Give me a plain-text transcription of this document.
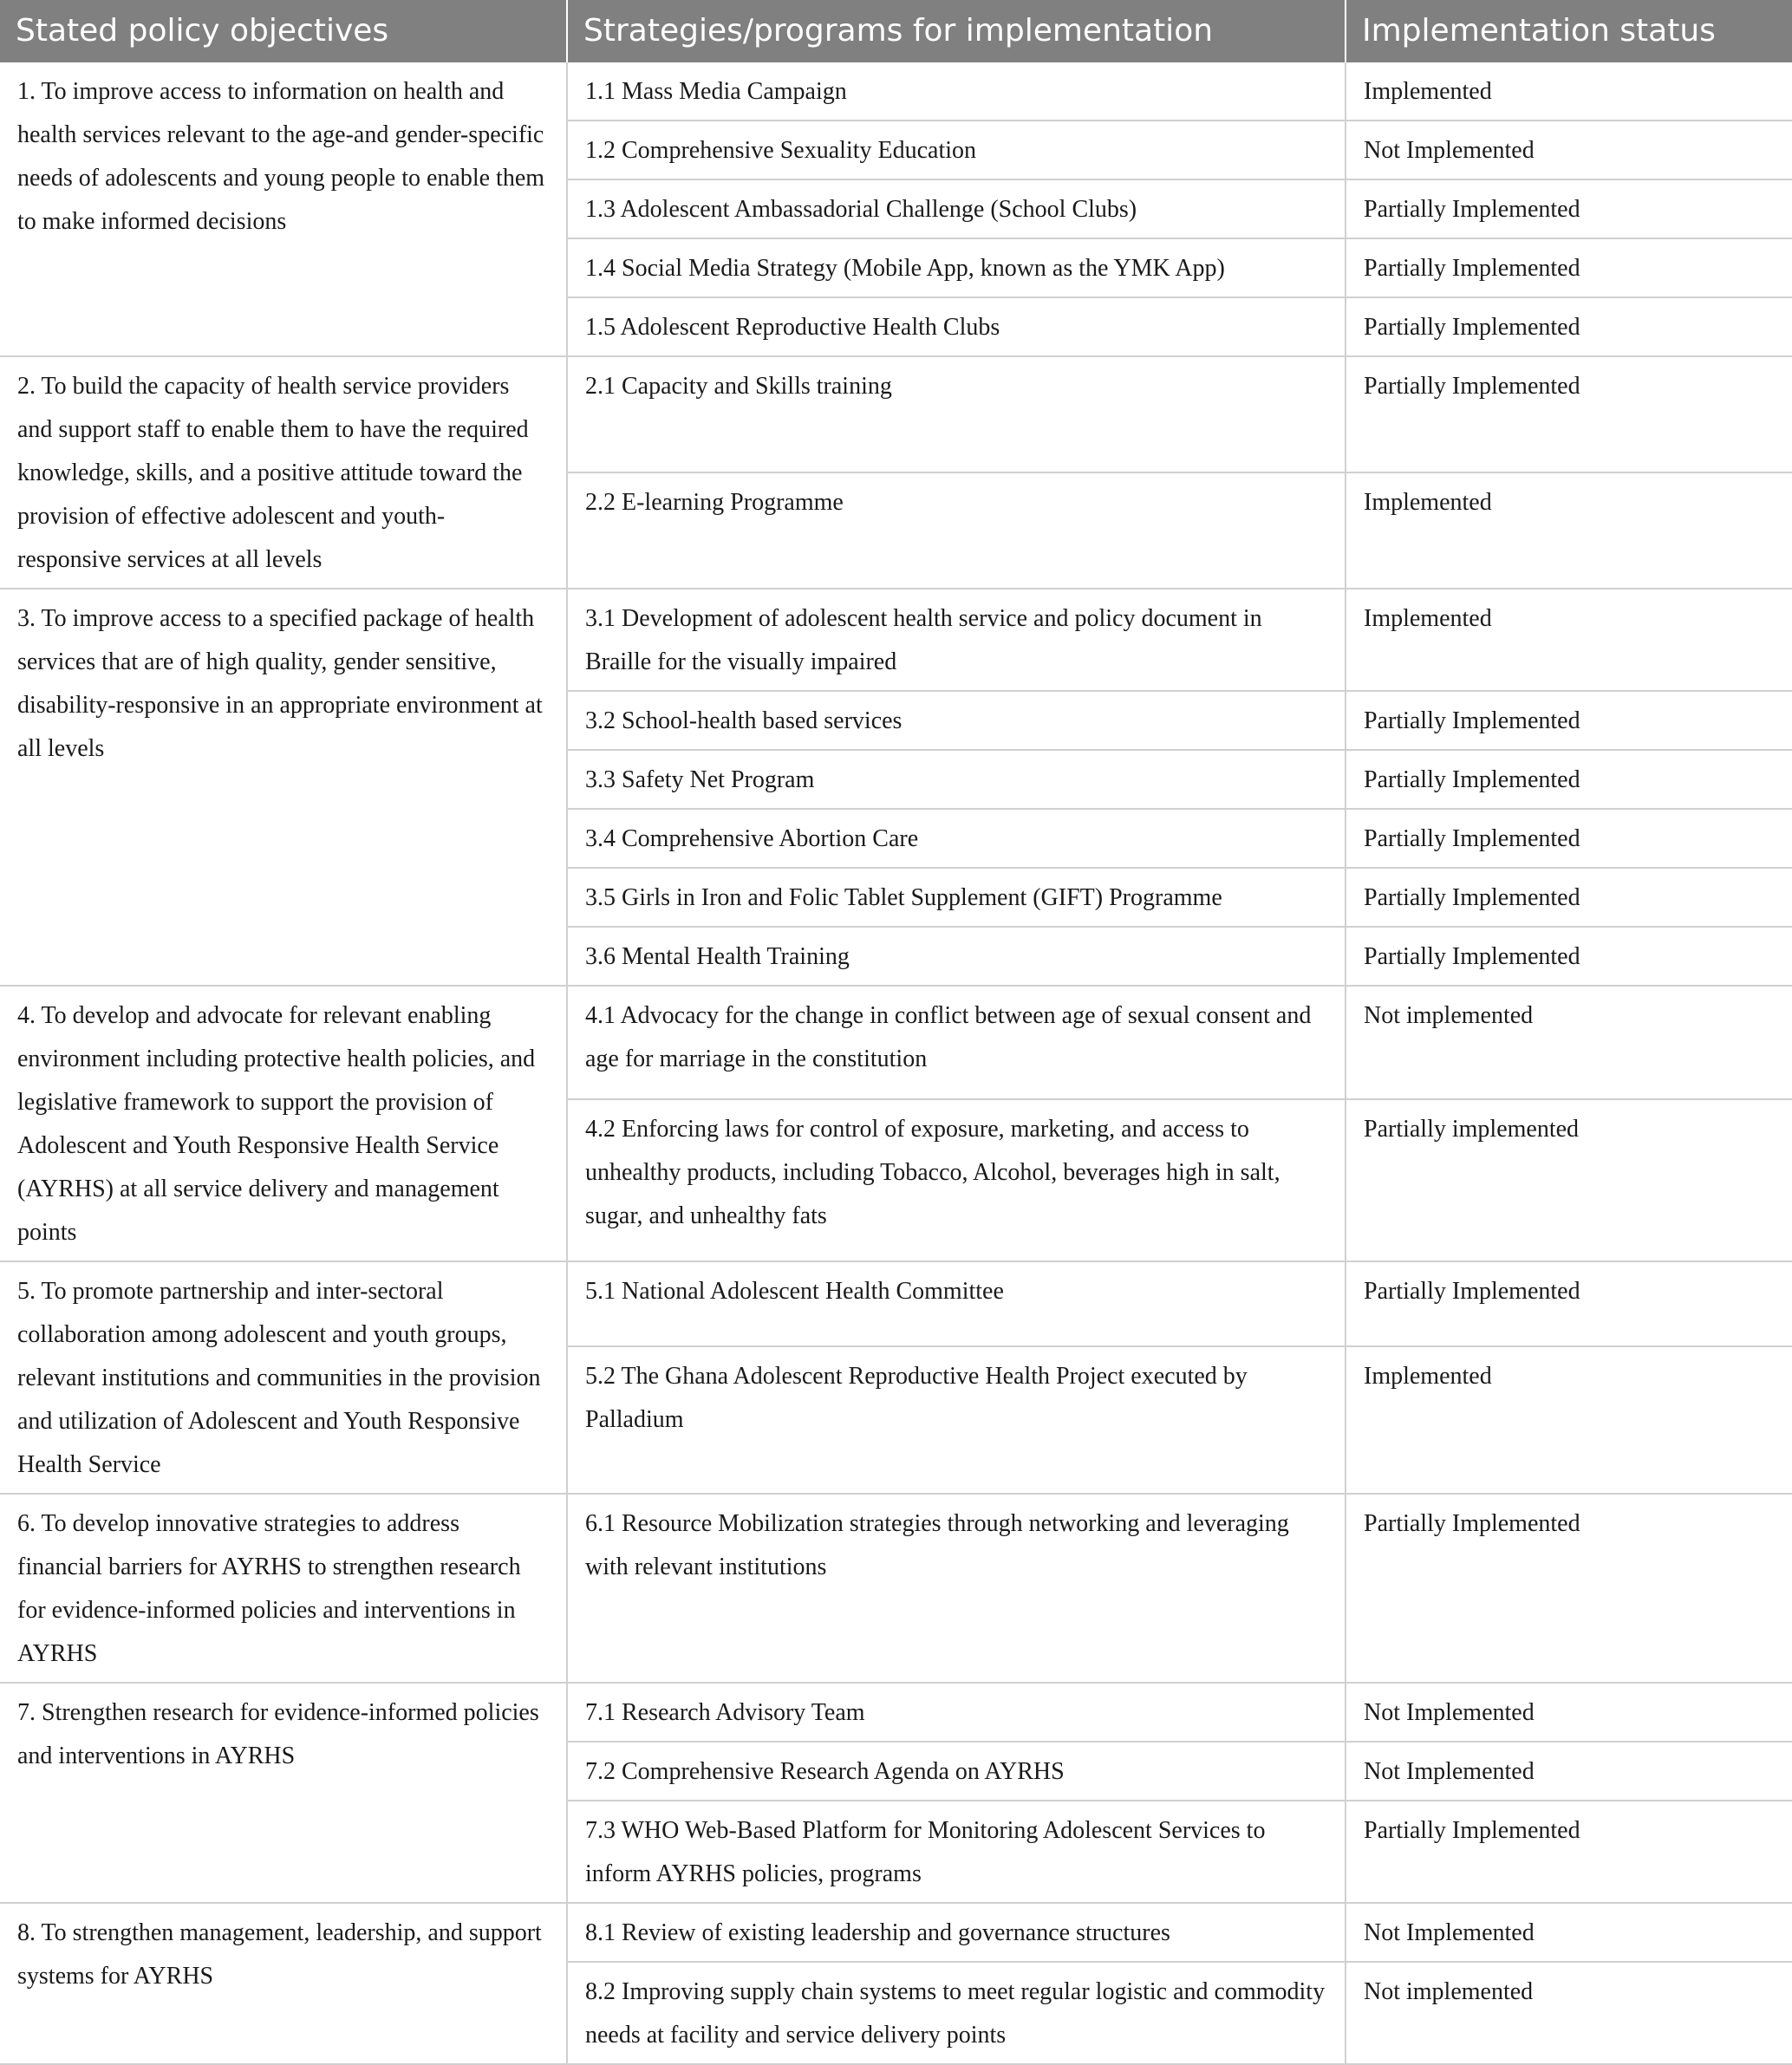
Stated policy objectives	Strategies/programs for implementation	Implementation status
1. To improve access to information on health and health services relevant to the age-and gender-specific needs of adolescents and young people to enable them to make informed decisions	1.1 Mass Media Campaign	Implemented
	1.2 Comprehensive Sexuality Education	Not Implemented
	1.3 Adolescent Ambassadorial Challenge (School Clubs)	Partially Implemented
	1.4 Social Media Strategy (Mobile App, known as the YMK App)	Partially Implemented
	1.5 Adolescent Reproductive Health Clubs	Partially Implemented
2. To build the capacity of health service providers and support staff to enable them to have the required knowledge, skills, and a positive attitude toward the provision of effective adolescent and youth-responsive services at all levels	2.1 Capacity and Skills training	Partially Implemented
	2.2 E-learning Programme	Implemented
3. To improve access to a specified package of health services that are of high quality, gender sensitive, disability-responsive in an appropriate environment at all levels	3.1 Development of adolescent health service and policy document in Braille for the visually impaired	Implemented
	3.2 School-health based services	Partially Implemented
	3.3 Safety Net Program	Partially Implemented
	3.4 Comprehensive Abortion Care	Partially Implemented
	3.5 Girls in Iron and Folic Tablet Supplement (GIFT) Programme	Partially Implemented
	3.6 Mental Health Training	Partially Implemented
4. To develop and advocate for relevant enabling environment including protective health policies, and legislative framework to support the provision of Adolescent and Youth Responsive Health Service (AYRHS) at all service delivery and management points	4.1 Advocacy for the change in conflict between age of sexual consent and age for marriage in the constitution	Not implemented
	4.2 Enforcing laws for control of exposure, marketing, and access to unhealthy products, including Tobacco, Alcohol, beverages high in salt, sugar, and unhealthy fats	Partially implemented
5. To promote partnership and inter-sectoral collaboration among adolescent and youth groups, relevant institutions and communities in the provision and utilization of Adolescent and Youth Responsive Health Service	5.1 National Adolescent Health Committee	Partially Implemented
	5.2 The Ghana Adolescent Reproductive Health Project executed by Palladium	Implemented
6. To develop innovative strategies to address financial barriers for AYRHS to strengthen research for evidence-informed policies and interventions in AYRHS	6.1 Resource Mobilization strategies through networking and leveraging with relevant institutions	Partially Implemented
7. Strengthen research for evidence-informed policies and interventions in AYRHS	7.1 Research Advisory Team	Not Implemented
	7.2 Comprehensive Research Agenda on AYRHS	Not Implemented
	7.3 WHO Web-Based Platform for Monitoring Adolescent Services to inform AYRHS policies, programs	Partially Implemented
8. To strengthen management, leadership, and support systems for AYRHS	8.1 Review of existing leadership and governance structures	Not Implemented
	8.2 Improving supply chain systems to meet regular logistic and commodity needs at facility and service delivery points	Not implemented
